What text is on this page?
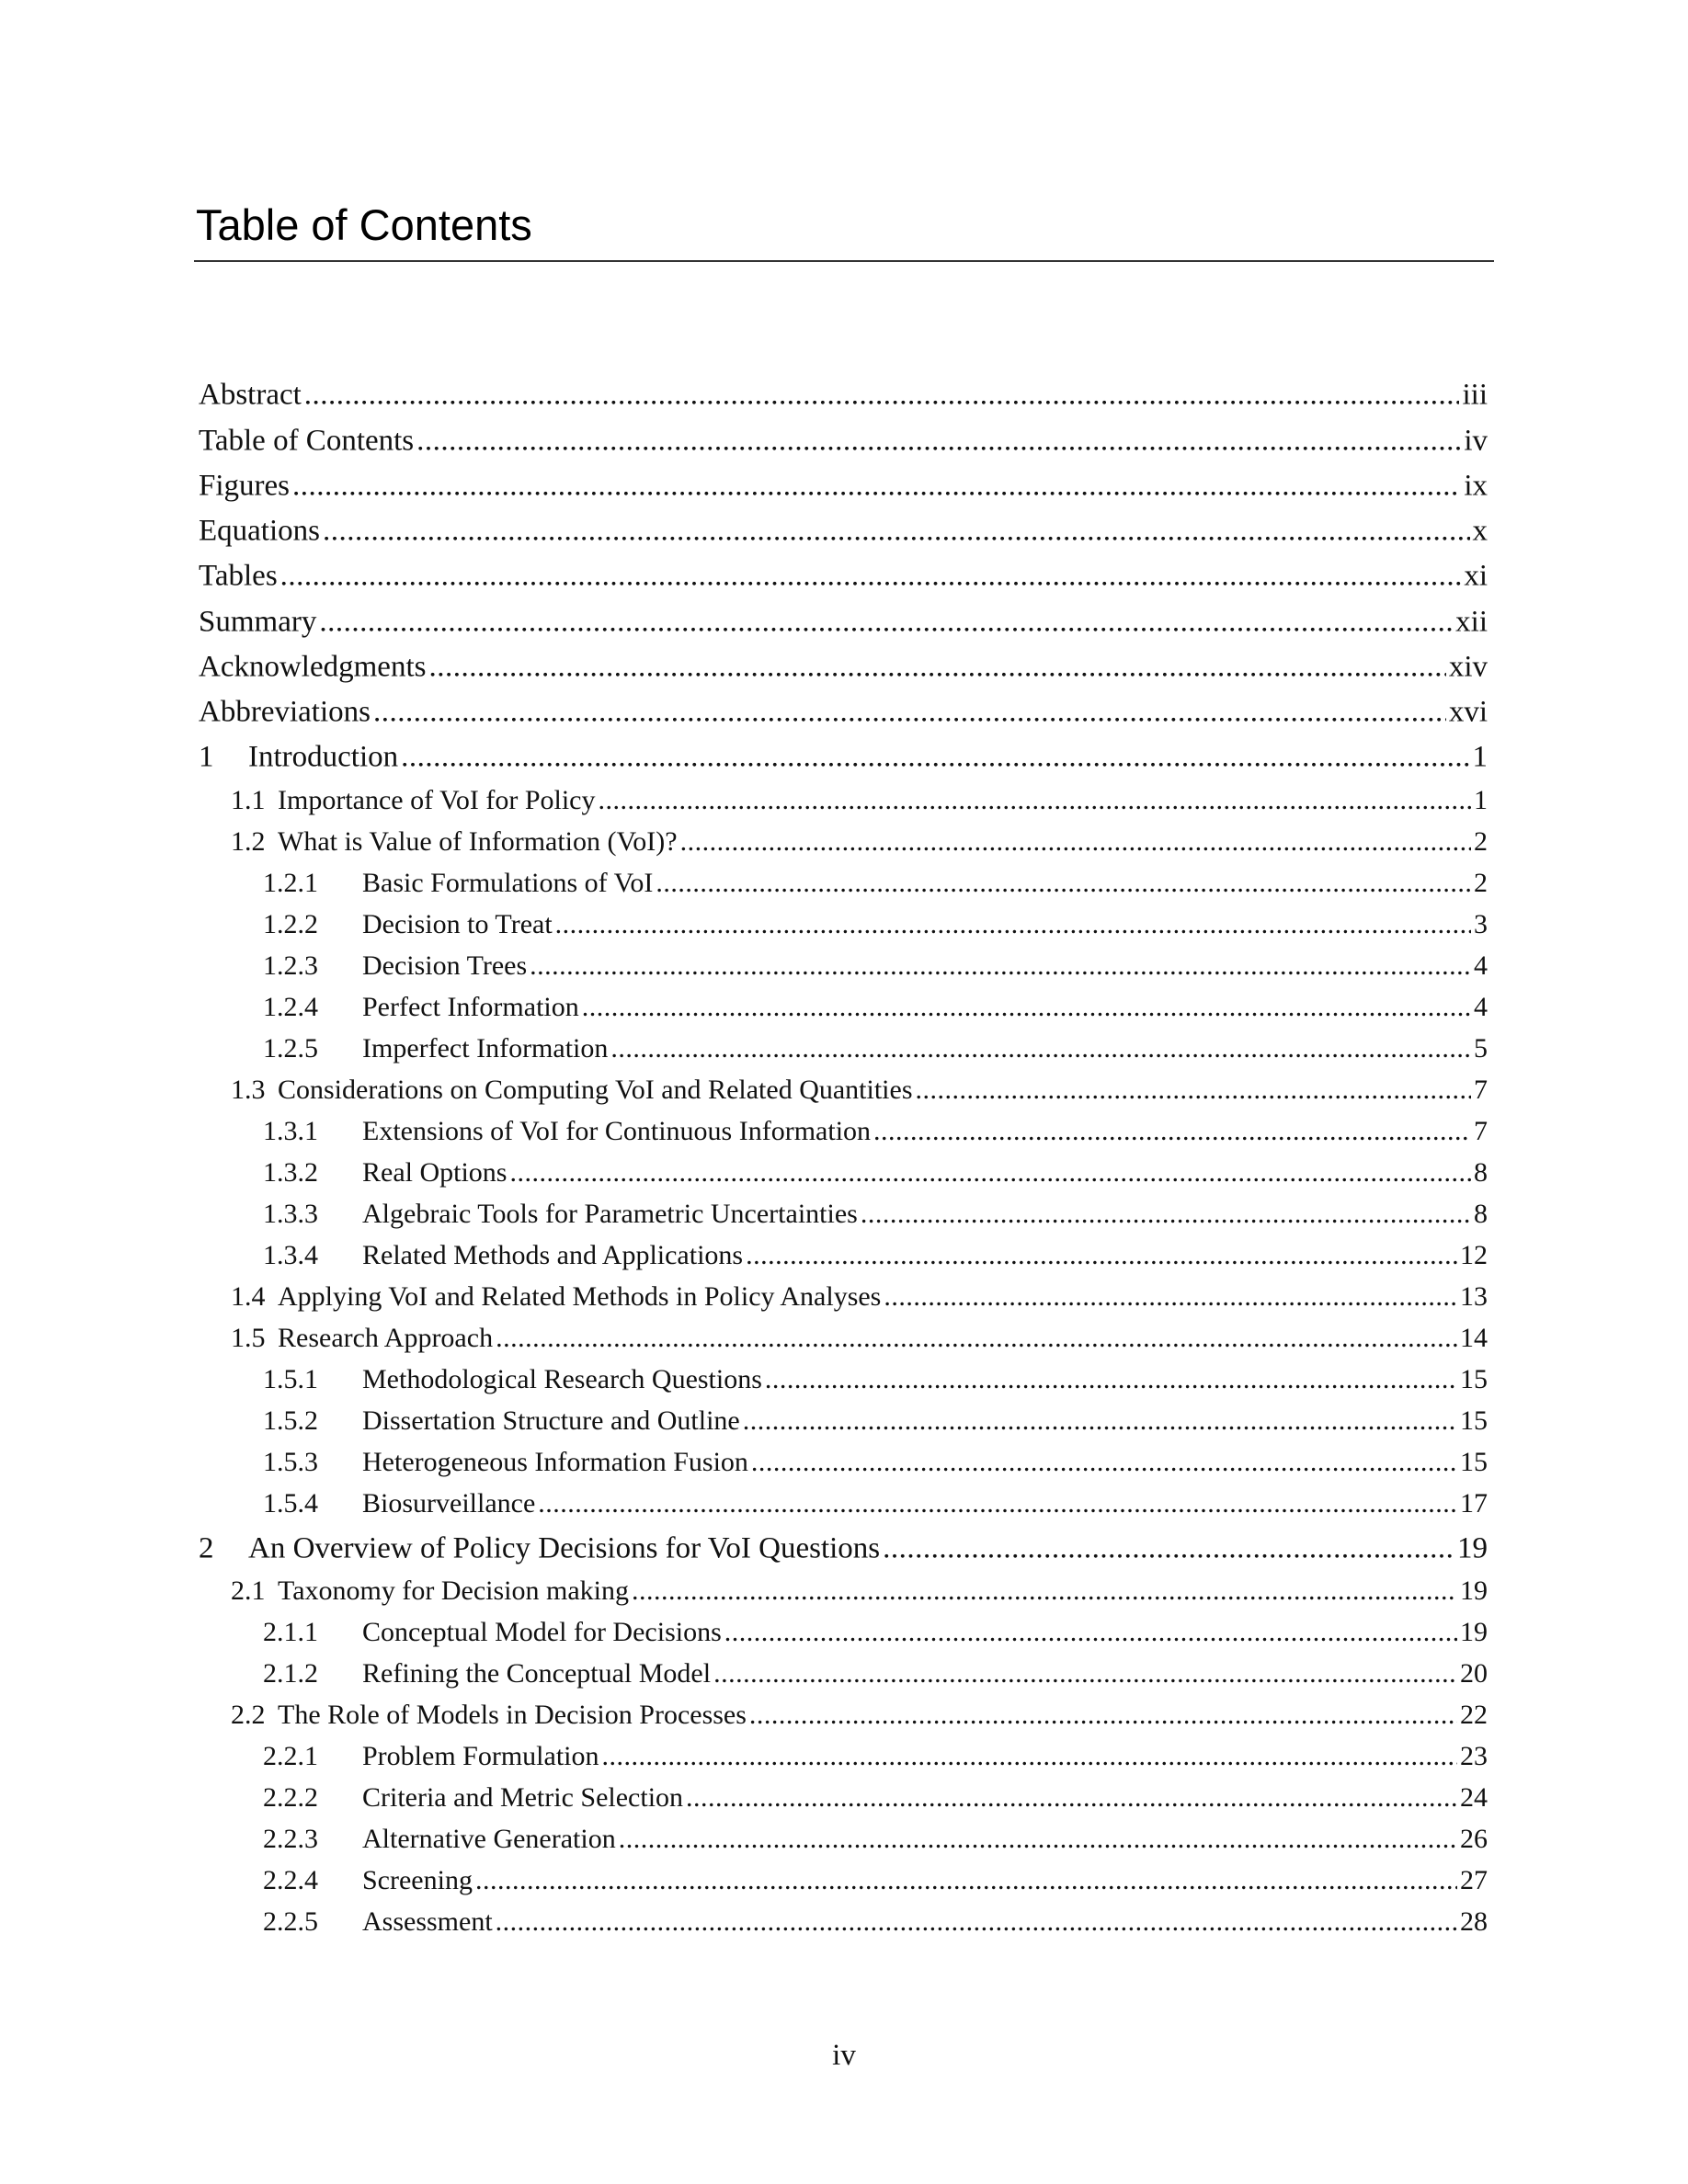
Table of Contents
Abstract .....	iii
Table of Contents .....	iv
Figures .....	ix
Equations .....	x
Tables .....	xi
Summary .....	xii
Acknowledgments .....	xiv
Abbreviations .....	xvi
1	Introduction .....	1
1.1 Importance of VoI for Policy .....	1
1.2 What is Value of Information (VoI)? .....	2
1.2.1	Basic Formulations of VoI .....	2
1.2.2	Decision to Treat .....	3
1.2.3	Decision Trees .....	4
1.2.4	Perfect Information .....	4
1.2.5	Imperfect Information .....	5
1.3 Considerations on Computing VoI and Related Quantities .....	7
1.3.1	Extensions of VoI for Continuous Information .....	7
1.3.2	Real Options .....	8
1.3.3	Algebraic Tools for Parametric Uncertainties .....	8
1.3.4	Related Methods and Applications .....	12
1.4 Applying VoI and Related Methods in Policy Analyses .....	13
1.5 Research Approach .....	14
1.5.1	Methodological Research Questions .....	15
1.5.2	Dissertation Structure and Outline .....	15
1.5.3	Heterogeneous Information Fusion .....	15
1.5.4	Biosurveillance .....	17
2	An Overview of Policy Decisions for VoI Questions .....	19
2.1 Taxonomy for Decision making .....	19
2.1.1	Conceptual Model for Decisions .....	19
2.1.2	Refining the Conceptual Model .....	20
2.2 The Role of Models in Decision Processes .....	22
2.2.1	Problem Formulation .....	23
2.2.2	Criteria and Metric Selection .....	24
2.2.3	Alternative Generation .....	26
2.2.4	Screening .....	27
2.2.5	Assessment .....	28
iv
